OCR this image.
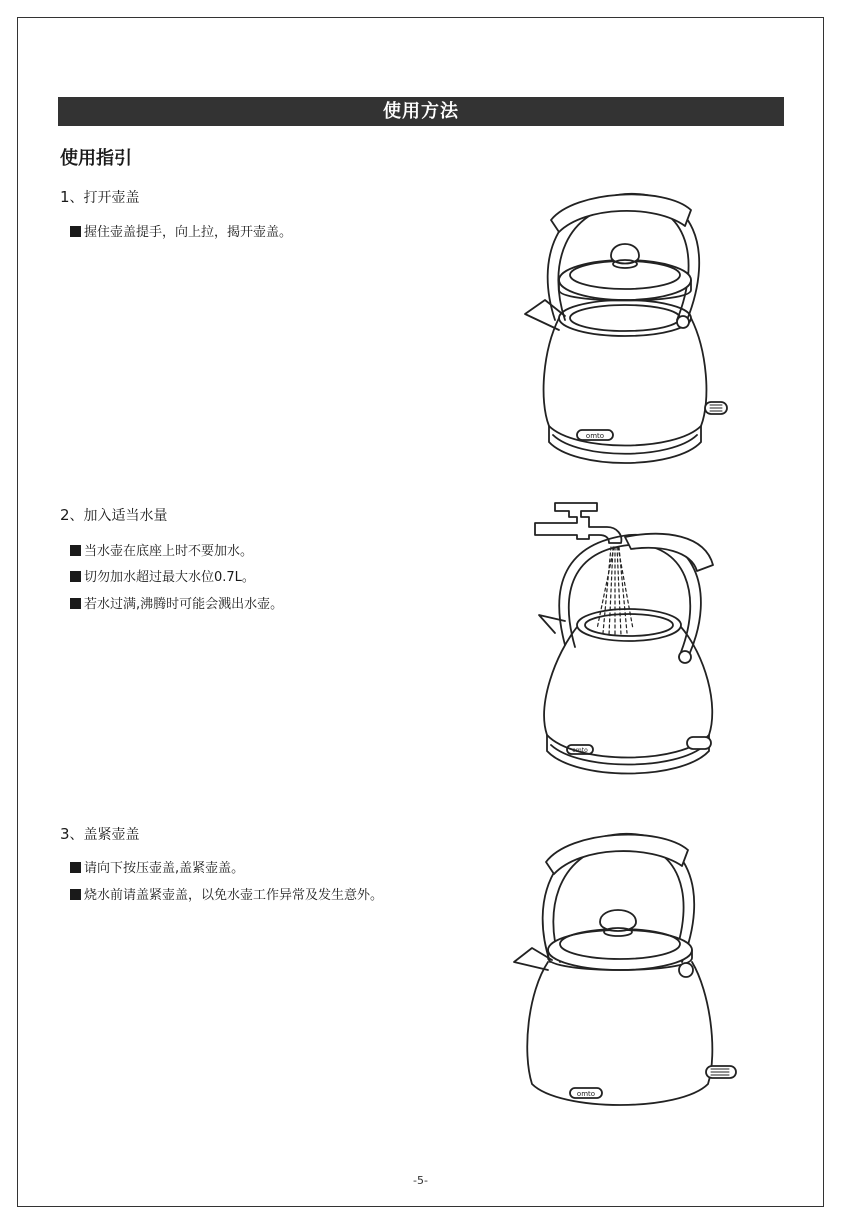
使用方法
使用指引
1、打开壶盖
握住壶盖提手，向上拉，揭开壶盖。
2、加入适当水量
当水壶在底座上时不要加水。
切勿加水超过最大水位0.7L。
若水过满,沸腾时可能会溅出水壶。
3、盖紧壶盖
请向下按压壶盖,盖紧壶盖。
烧水前请盖紧壶盖，以免水壶工作异常及发生意外。
omto
omto
omto
-5-
